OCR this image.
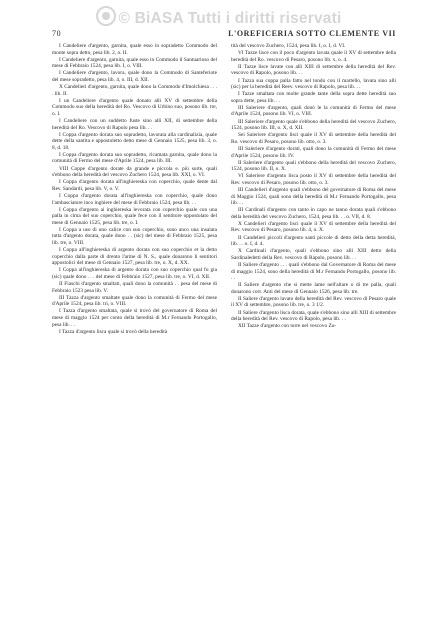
© BiASA Tutti i diritti riservati
70	L'OREFICERIA SOTTO CLEMENTE VII

I Candeliere d'argento, garnita, quale esso in sopradetto Commodo del monte sopra detto, pesa lib. 2, o. II.

I Candeliere d'argento, garnita, quale esso in Commodo il Santuarioso del mese di Febbraio 1524, pesa lib. I, o. VIII.

I Candeliere d'argento, lavora, quale dono la Commodo di Santeferiote del mese sopradetto, pesa lib. 4, o. III, d. XII.

X Candelieri d'argento, garnita, quale dono la Commodo d'Imolchiesa . . . . lib. II.

I un Candeliere d'argento quale donato alli XV di settembre della Commodo suo della heredità del Ro. Vescovo di Urbino suo, posono lib. tre, o. I.

I Candeliere con un suddetto fuste sino alli XII, di settembre della heredità del Ro. Vescovo di Rapolo pesa lib. . .

I Coppa d'argento dorata suo sopradetto, lavorata alla cardinalizia, quale dette della santita e appostoletto detto mese di Gennaio 1525, pesa lib. 3, o. 8, d. 18.

I Coppa d'argento dorata suo sopradetto, ricamata garnita, quale dono la comunità di Fermo del mese d'Aprile 1524, pesa lib. III.

VIII Coppe d'argento dorate da grande e piccola e. più sorte, quali s'ebbono della heredità del vescovo Zuchero 1524, pesa lib. XXI, o. VI.

I Coppa d'argento dorata all'inghiereska con coperchio, quale dente dal Rev. Sandardi, pesa lib. V, o. V.

I Coppa d'argento dorata all'inghiereska con coperchio, quale dono l'ambasciatore inco inghiere del mese di Febbraio 1524, pesa lib. . .

I Coppa d'argento ai inghiereska levorata con coperchio quale con una palla in cima del suo coperchio, quale fece con il sentitore oppostolato del mese di Gennaio 1525, pesa lib. tre, o. I.

I Coppa a uso di uno calice con suo coperchio, sono anco una insalata tutta d'argento dorata, quale dono . . (sic) del mese di Febbraio 1525, pesa lib. tre, o. VIII.

I Coppa all'inghiereska di argento dorata con suo coperchio et la detto coperchio dalla parte di drento l'arme di N. S., quale donarono li sentitori appostolici del mese di Gennaio 1527, pesa lib. tre, o. X, d. XX.

I Coppa all'inghiereska di argento dorata con suo coperchio qual fu gia (sic) quale dono . . . del mese di Febbraio 1527, pesa lib. tre, o. VI, d. XII.

II Fiaschi d'argento smaltati, quali dono la comunità . . pesa del mese di Febbraio 1523 pesa lib. V.

III Tazza d'argento smaltate quale dono la comunità di Fermo del mese d'Aprile 1524, pesa lib. tri, o. VIII.

I Tazza d'argento smaltata, quale si trovò del governatore di Roma del mese di maggio 1524 per conto della heredità di M.r Fernando Portogallo, pesa lib. . .

I Tazza d'argento lisca quale si trovò della heredità

tità del vescovo Zuchero, 1524, pesa lib. I, o. I, d. VI.

VI Tazze lisce con il poco d'argento lavata quale il XV di settembre della heredità del Ro. vescovo di Pesaro, posono lib. x, o. 4.

II Tazze lisce lavate con alli XIII di settembre della heredità del Rev. vescovo di Rapolo, posono lib. . .

I Tazza sua coppa palla fatto nel tondo con il martello, lavata sino alli (sic) per la heredità del Reev. vescovo di Rapolo, pesa lib. . .

I Tazze smaltata con molte grande tante della sopra dette heredità suo sopra dette, pesa lib. . .

III Saleriere d'argento, quali donò le la comunità di Fermo del mese d'Aprile 1524, posono lib. VI, o. VIII.

III Saleriere d'argento quale s'ebbono della heredità del vescovo Zuchero, 1524, posono lib. III, o. X, d. XII.

Sei Saleriere d'argento lisci quale il XV di settembre della heredità del Ro. vescovo di Pesaro, posono lib. otto, o. 3.

III Saleriere d'argento dorati, quali dono la comunità di Fermo del mese d'Aprile 1524, posono lib. IV.

II Saleriere d'argento quali s'ebbono della heredità del vescovo Zuchero, 1524, posono lib. II, o. X.

VI Saleriere d'argento lisca posto il XV di settembre della heredità del Rev. vescovo di Pesaro, posono lib. otto, o. 3.

III Candelieri d'argento quali s'ebbono del governatore di Roma del mese di Maggio 1524, quali sono della heredità di M.r Fernando Portogallo, pesa lib. . .

III Cardinali d'argento con tanto in capo ne tanno dorata quali s'ebbono della heredità del vescovo Zuchero, 1524, pesa lib. . . o. VII, d. 8.

X Candelieri d'argento lisci quale il XV di settembre della heredità del Rev. vescovo di Pesaro, posono lib. 4, o. X.

II Candelieri piccoli d'argento santi piccole di detto della detta heredità, lib. . . o. I, d. 4.

X Cardinali d'argento, quali s'ebbono sino alli XIII detto della Sardinaledetti della Rev. vescovo di Rapolo, posono lib. . .

II Saliere d'argento . . . quali s'ebbono dal Governatore di Roma del mese di maggio 1524, sono della heredità di M.r Fernando Portogallo, posono lib. . .

II Saliere d'argento che si mette lame nell'altare o di tre palla, quali donarono cort. Anti del mese di Gennaio 1526, pesa lib. tre.

II Saliere d'argento lavato della heredità del Rev. vescovo di Pesaro quale il XV di settembre, posono lib. tre, o. 3 1/2.

II Saliere d'argento lisca dorata, quale s'ebbono sino alli XIII di settembre della heredità del Rev. vescovo di Rapolo, pesa lib. . .

XII Tazze d'argento con torre nel vescovo Zu-
